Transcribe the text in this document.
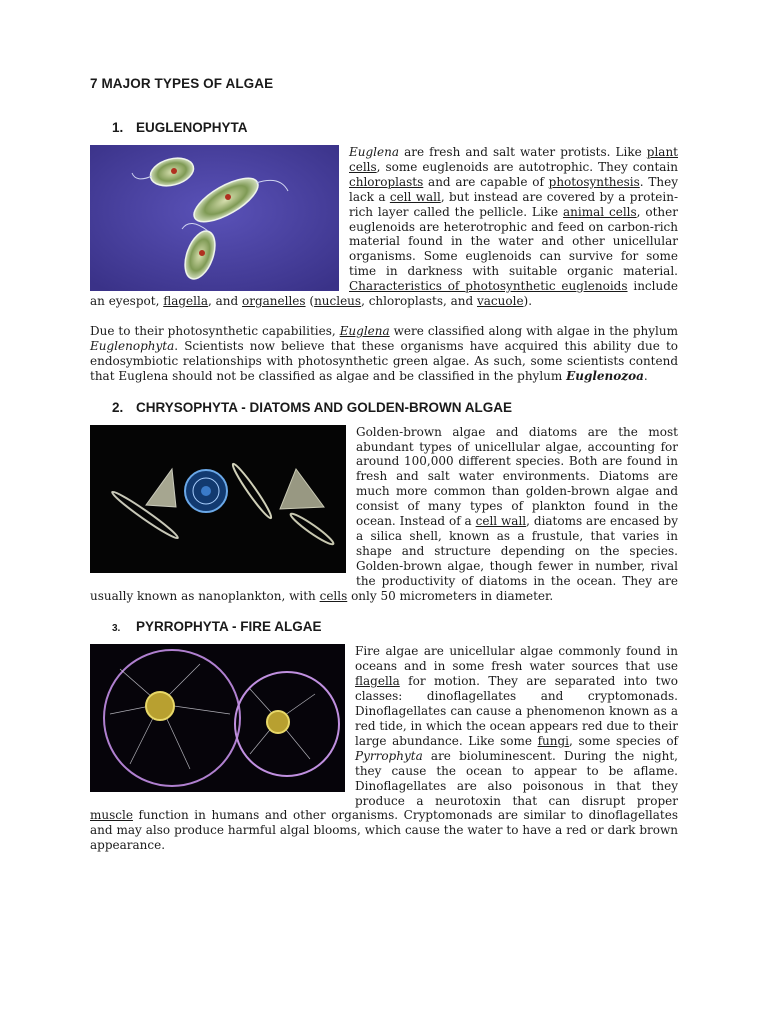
7 MAJOR TYPES OF ALGAE
1. EUGLENOPHYTA

Euglena are fresh and salt water protists. Like plant cells, some euglenoids are autotrophic. They contain chloroplasts and are capable of photosynthesis. They lack a cell wall, but instead are covered by a protein-rich layer called the pellicle. Like animal cells, other euglenoids are heterotrophic and feed on carbon-rich material found in the water and other unicellular organisms. Some euglenoids can survive for some time in darkness with suitable organic material. Characteristics of photosynthetic euglenoids include an eyespot, flagella, and organelles (nucleus, chloroplasts, and vacuole).

Due to their photosynthetic capabilities, Euglena were classified along with algae in the phylum Euglenophyta. Scientists now believe that these organisms have acquired this ability due to endosymbiotic relationships with photosynthetic green algae. As such, some scientists contend that Euglena should not be classified as algae and be classified in the phylum Euglenozoa.

2. CHRYSOPHYTA - DIATOMS AND GOLDEN-BROWN ALGAE

Golden-brown algae and diatoms are the most abundant types of unicellular algae, accounting for around 100,000 different species. Both are found in fresh and salt water environments. Diatoms are much more common than golden-brown algae and consist of many types of plankton found in the ocean. Instead of a cell wall, diatoms are encased by a silica shell, known as a frustule, that varies in shape and structure depending on the species. Golden-brown algae, though fewer in number, rival the productivity of diatoms in the ocean. They are usually known as nanoplankton, with cells only 50 micrometers in diameter.

3. PYRROPHYTA - FIRE ALGAE

Fire algae are unicellular algae commonly found in oceans and in some fresh water sources that use flagella for motion. They are separated into two classes: dinoflagellates and cryptomonads. Dinoflagellates can cause a phenomenon known as a red tide, in which the ocean appears red due to their large abundance. Like some fungi, some species of Pyrrophyta are bioluminescent. During the night, they cause the ocean to appear to be aflame. Dinoflagellates are also poisonous in that they produce a neurotoxin that can disrupt proper muscle function in humans and other organisms. Cryptomonads are similar to dinoflagellates and may also produce harmful algal blooms, which cause the water to have a red or dark brown appearance.
